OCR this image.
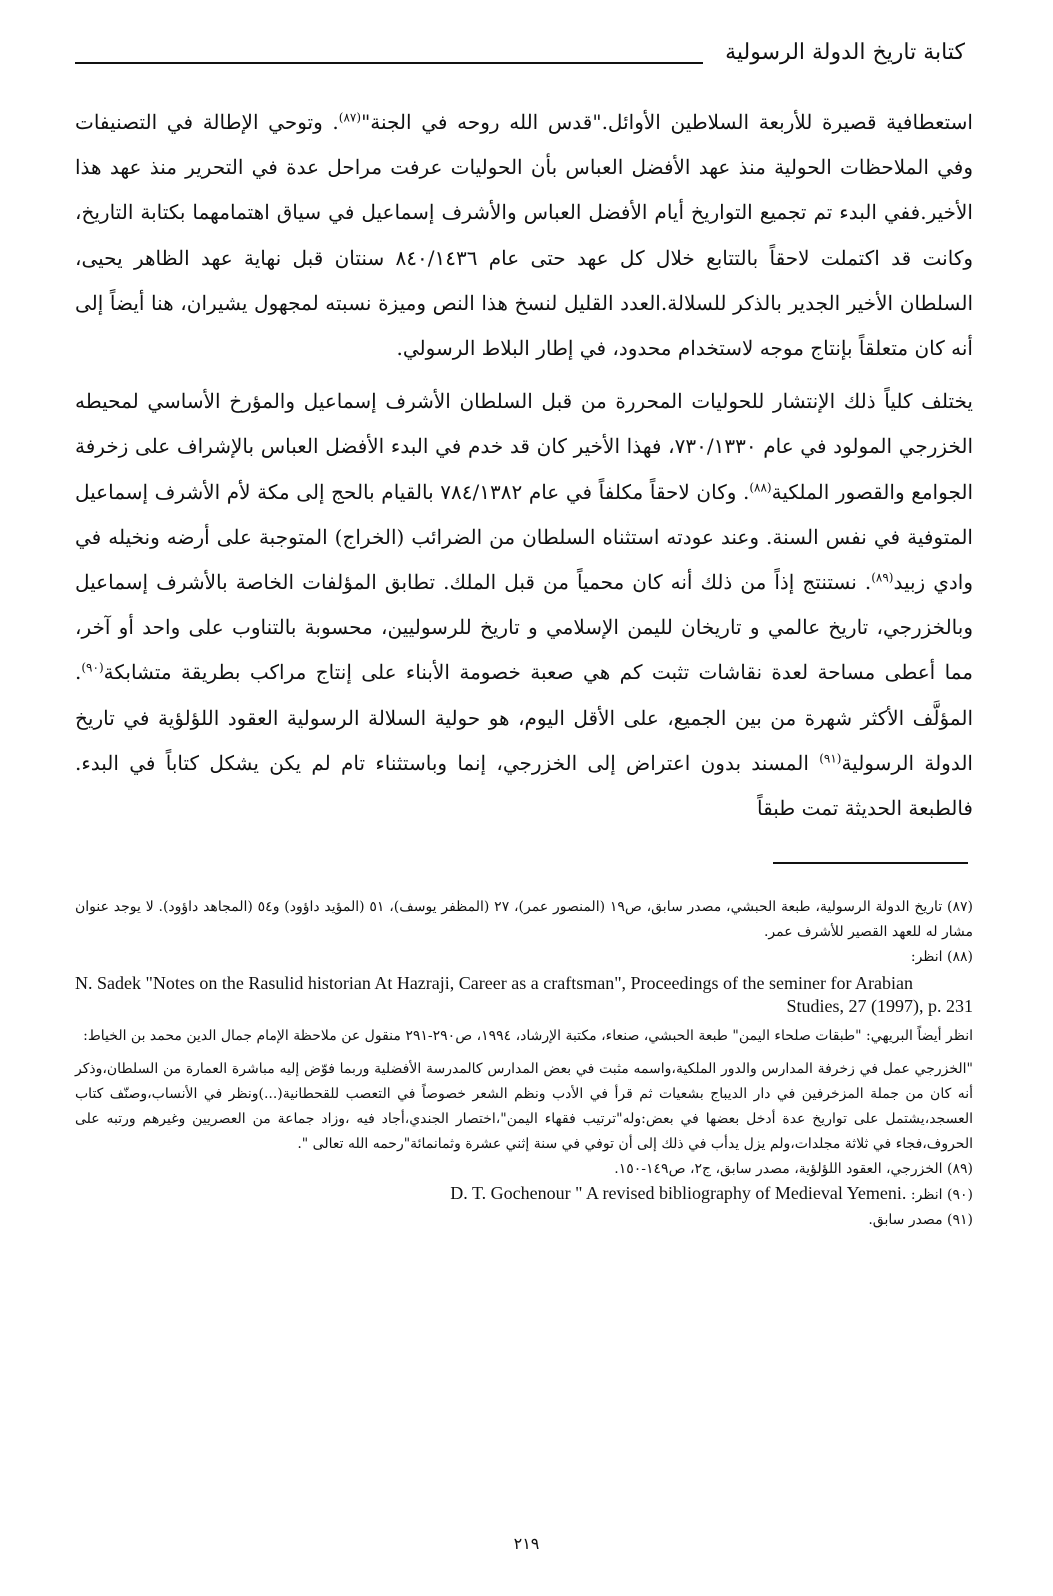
كتابة تاريخ الدولة الرسولية

استعطافية قصيرة للأربعة السلاطين الأوائل."قدس الله روحه في الجنة"$^{(٨٧)}$. وتوحي الإطالة في التصنيفات وفي الملاحظات الحولية منذ عهد الأفضل العباس بأن الحوليات عرفت مراحل عدة في التحرير منذ عهد هذا الأخير.ففي البدء تم تجميع التواريخ أيام الأفضل العباس والأشرف إسماعيل في سياق اهتمامهما بكتابة التاريخ، وكانت قد اكتملت لاحقاً بالتتابع خلال كل عهد حتى عام ٨٤٠/١٤٣٦ سنتان قبل نهاية عهد الظاهر يحيى، السلطان الأخير الجدير بالذكر للسلالة.العدد القليل لنسخ هذا النص وميزة نسبته لمجهول يشيران، هنا أيضاً إلى أنه كان متعلقاً بإنتاج موجه لاستخدام محدود، في إطار البلاط الرسولي.

يختلف كلياً ذلك الإنتشار للحوليات المحررة من قبل السلطان الأشرف إسماعيل والمؤرخ الأساسي لمحيطه الخزرجي المولود في عام ٧٣٠/١٣٣٠، فهذا الأخير كان قد خدم في البدء الأفضل العباس بالإشراف على زخرفة الجوامع والقصور الملكية$^{(٨٨)}$. وكان لاحقاً مكلفاً في عام ٧٨٤/١٣٨٢ بالقيام بالحج إلى مكة لأم الأشرف إسماعيل المتوفية في نفس السنة. وعند عودته استثناه السلطان من الضرائب (الخراج) المتوجبة على أرضه ونخيله في وادي زبيد$^{(٨٩)}$. نستنتج إذاً من ذلك أنه كان محمياً من قبل الملك. تطابق المؤلفات الخاصة بالأشرف إسماعيل وبالخزرجي، تاريخ عالمي و تاريخان لليمن الإسلامي و تاريخ للرسوليين، محسوبة بالتناوب على واحد أو آخر، مما أعطى مساحة لعدة نقاشات تثبت كم هي صعبة خصومة الأبناء على إنتاج مراكب بطريقة متشابكة$^{(٩٠)}$. المؤلَّف الأكثر شهرة من بين الجميع، على الأقل اليوم، هو حولية السلالة الرسولية العقود اللؤلؤية في تاريخ الدولة الرسولية$^{(٩١)}$ المسند بدون اعتراض إلى الخزرجي، إنما وباستثناء تام لم يكن يشكل كتاباً في البدء. فالطبعة الحديثة تمت طبقاً

(٨٧) تاريخ الدولة الرسولية، طبعة الحبشي، مصدر سابق، ص١٩ (المنصور عمر)، ٢٧ (المظفر يوسف)، ٥١ (المؤيد داؤود) و٥٤ (المجاهد داؤود). لا يوجد عنوان مشار له للعهد القصير للأشرف عمر.

(٨٨) انظر:

N. Sadek "Notes on the Rasulid historian At Hazraji, Career as a craftsman", Proceedings of the seminer for Arabian Studies, 27 (1997), p. 231

انظر أيضاً البريهي: "طبقات صلحاء اليمن" طبعة الحبشي، صنعاء، مكتبة الإرشاد، ١٩٩٤، ص٢٩٠-٢٩١ منقول عن ملاحظة الإمام جمال الدين محمد بن الخياط:

"الخزرجي عمل في زخرفة المدارس والدور الملكية،واسمه مثبت في بعض المدارس كالمدرسة الأفضلية وربما فوّض إليه مباشرة العمارة من السلطان،وذكر أنه كان من جملة المزخرفين في دار الديباج بشعيات ثم قرأ في الأدب ونظم الشعر خصوصاً في التعصب للقحطانية(...)ونظر في الأنساب،وصنّف كتاب العسجد،يشتمل على تواريخ عدة أدخل بعضها في بعض:وله"ترتيب فقهاء اليمن"،اختصار الجندي،أجاد فيه ،وزاد جماعة من العصريين وغيرهم ورتبه على الحروف،فجاء في ثلاثة مجلدات،ولم يزل يدأب في ذلك إلى أن توفي في سنة إثني عشرة وثمانمائة"رحمه الله تعالى ".

(٨٩) الخزرجي، العقود اللؤلؤية، مصدر سابق، ج٢، ص١٤٩-١٥٠.

(٩٠) انظر: D. T. Gochenour " A revised bibliography of Medieval Yemeni.

(٩١) مصدر سابق.

٢١٩
